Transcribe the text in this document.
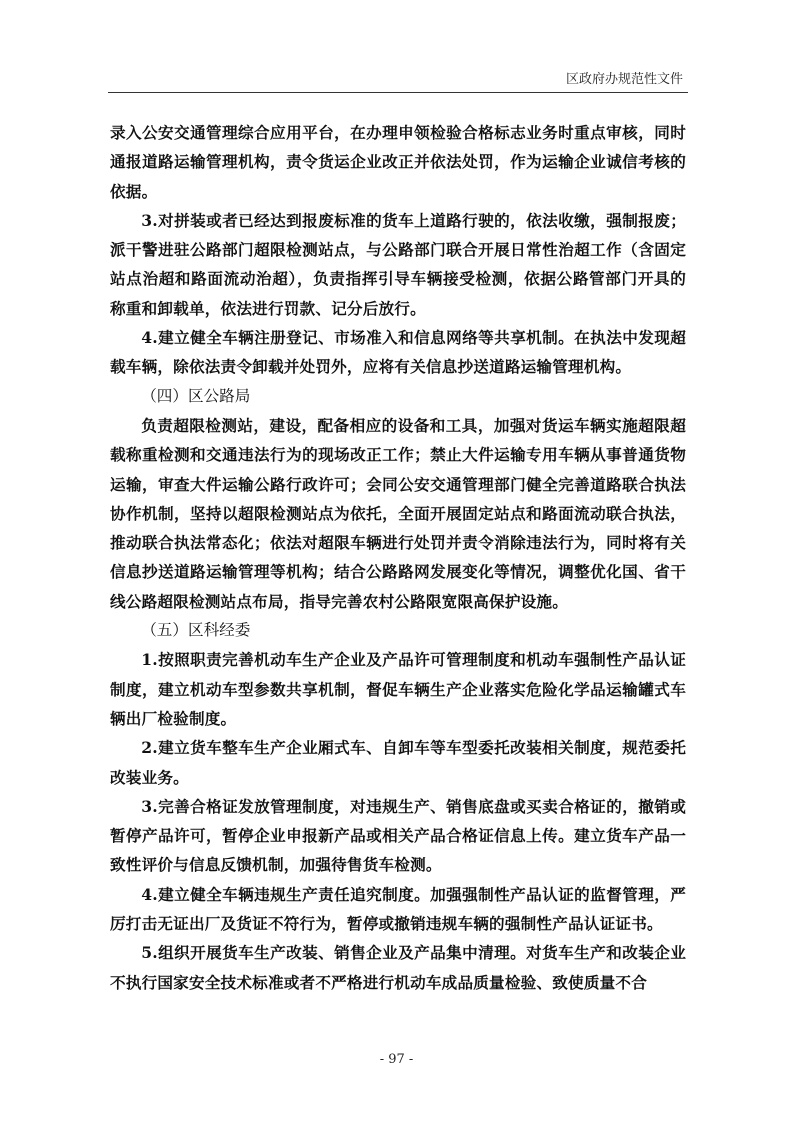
区政府办规范性文件

录入公安交通管理综合应用平台，在办理申领检验合格标志业务时重点审核，同时通报道路运输管理机构，责令货运企业改正并依法处罚，作为运输企业诚信考核的依据。

3.对拼装或者已经达到报废标准的货车上道路行驶的，依法收缴，强制报废；派干警进驻公路部门超限检测站点，与公路部门联合开展日常性治超工作（含固定站点治超和路面流动治超），负责指挥引导车辆接受检测，依据公路管部门开具的称重和卸载单，依法进行罚款、记分后放行。

4.建立健全车辆注册登记、市场准入和信息网络等共享机制。在执法中发现超载车辆，除依法责令卸载并处罚外，应将有关信息抄送道路运输管理机构。

（四）区公路局

负责超限检测站，建设，配备相应的设备和工具，加强对货运车辆实施超限超载称重检测和交通违法行为的现场改正工作；禁止大件运输专用车辆从事普通货物运输，审查大件运输公路行政许可；会同公安交通管理部门健全完善道路联合执法协作机制，坚持以超限检测站点为依托，全面开展固定站点和路面流动联合执法，推动联合执法常态化；依法对超限车辆进行处罚并责令消除违法行为，同时将有关信息抄送道路运输管理等机构；结合公路路网发展变化等情况，调整优化国、省干线公路超限检测站点布局，指导完善农村公路限宽限高保护设施。

（五）区科经委

1.按照职责完善机动车生产企业及产品许可管理制度和机动车强制性产品认证制度，建立机动车型参数共享机制，督促车辆生产企业落实危险化学品运输罐式车辆出厂检验制度。

2.建立货车整车生产企业厢式车、自卸车等车型委托改装相关制度，规范委托改装业务。

3.完善合格证发放管理制度，对违规生产、销售底盘或买卖合格证的，撤销或暂停产品许可，暂停企业申报新产品或相关产品合格证信息上传。建立货车产品一致性评价与信息反馈机制，加强待售货车检测。

4.建立健全车辆违规生产责任追究制度。加强强制性产品认证的监督管理，严厉打击无证出厂及货证不符行为，暂停或撤销违规车辆的强制性产品认证证书。

5.组织开展货车生产改装、销售企业及产品集中清理。对货车生产和改装企业不执行国家安全技术标准或者不严格进行机动车成品质量检验、致使质量不合

- 97 -
